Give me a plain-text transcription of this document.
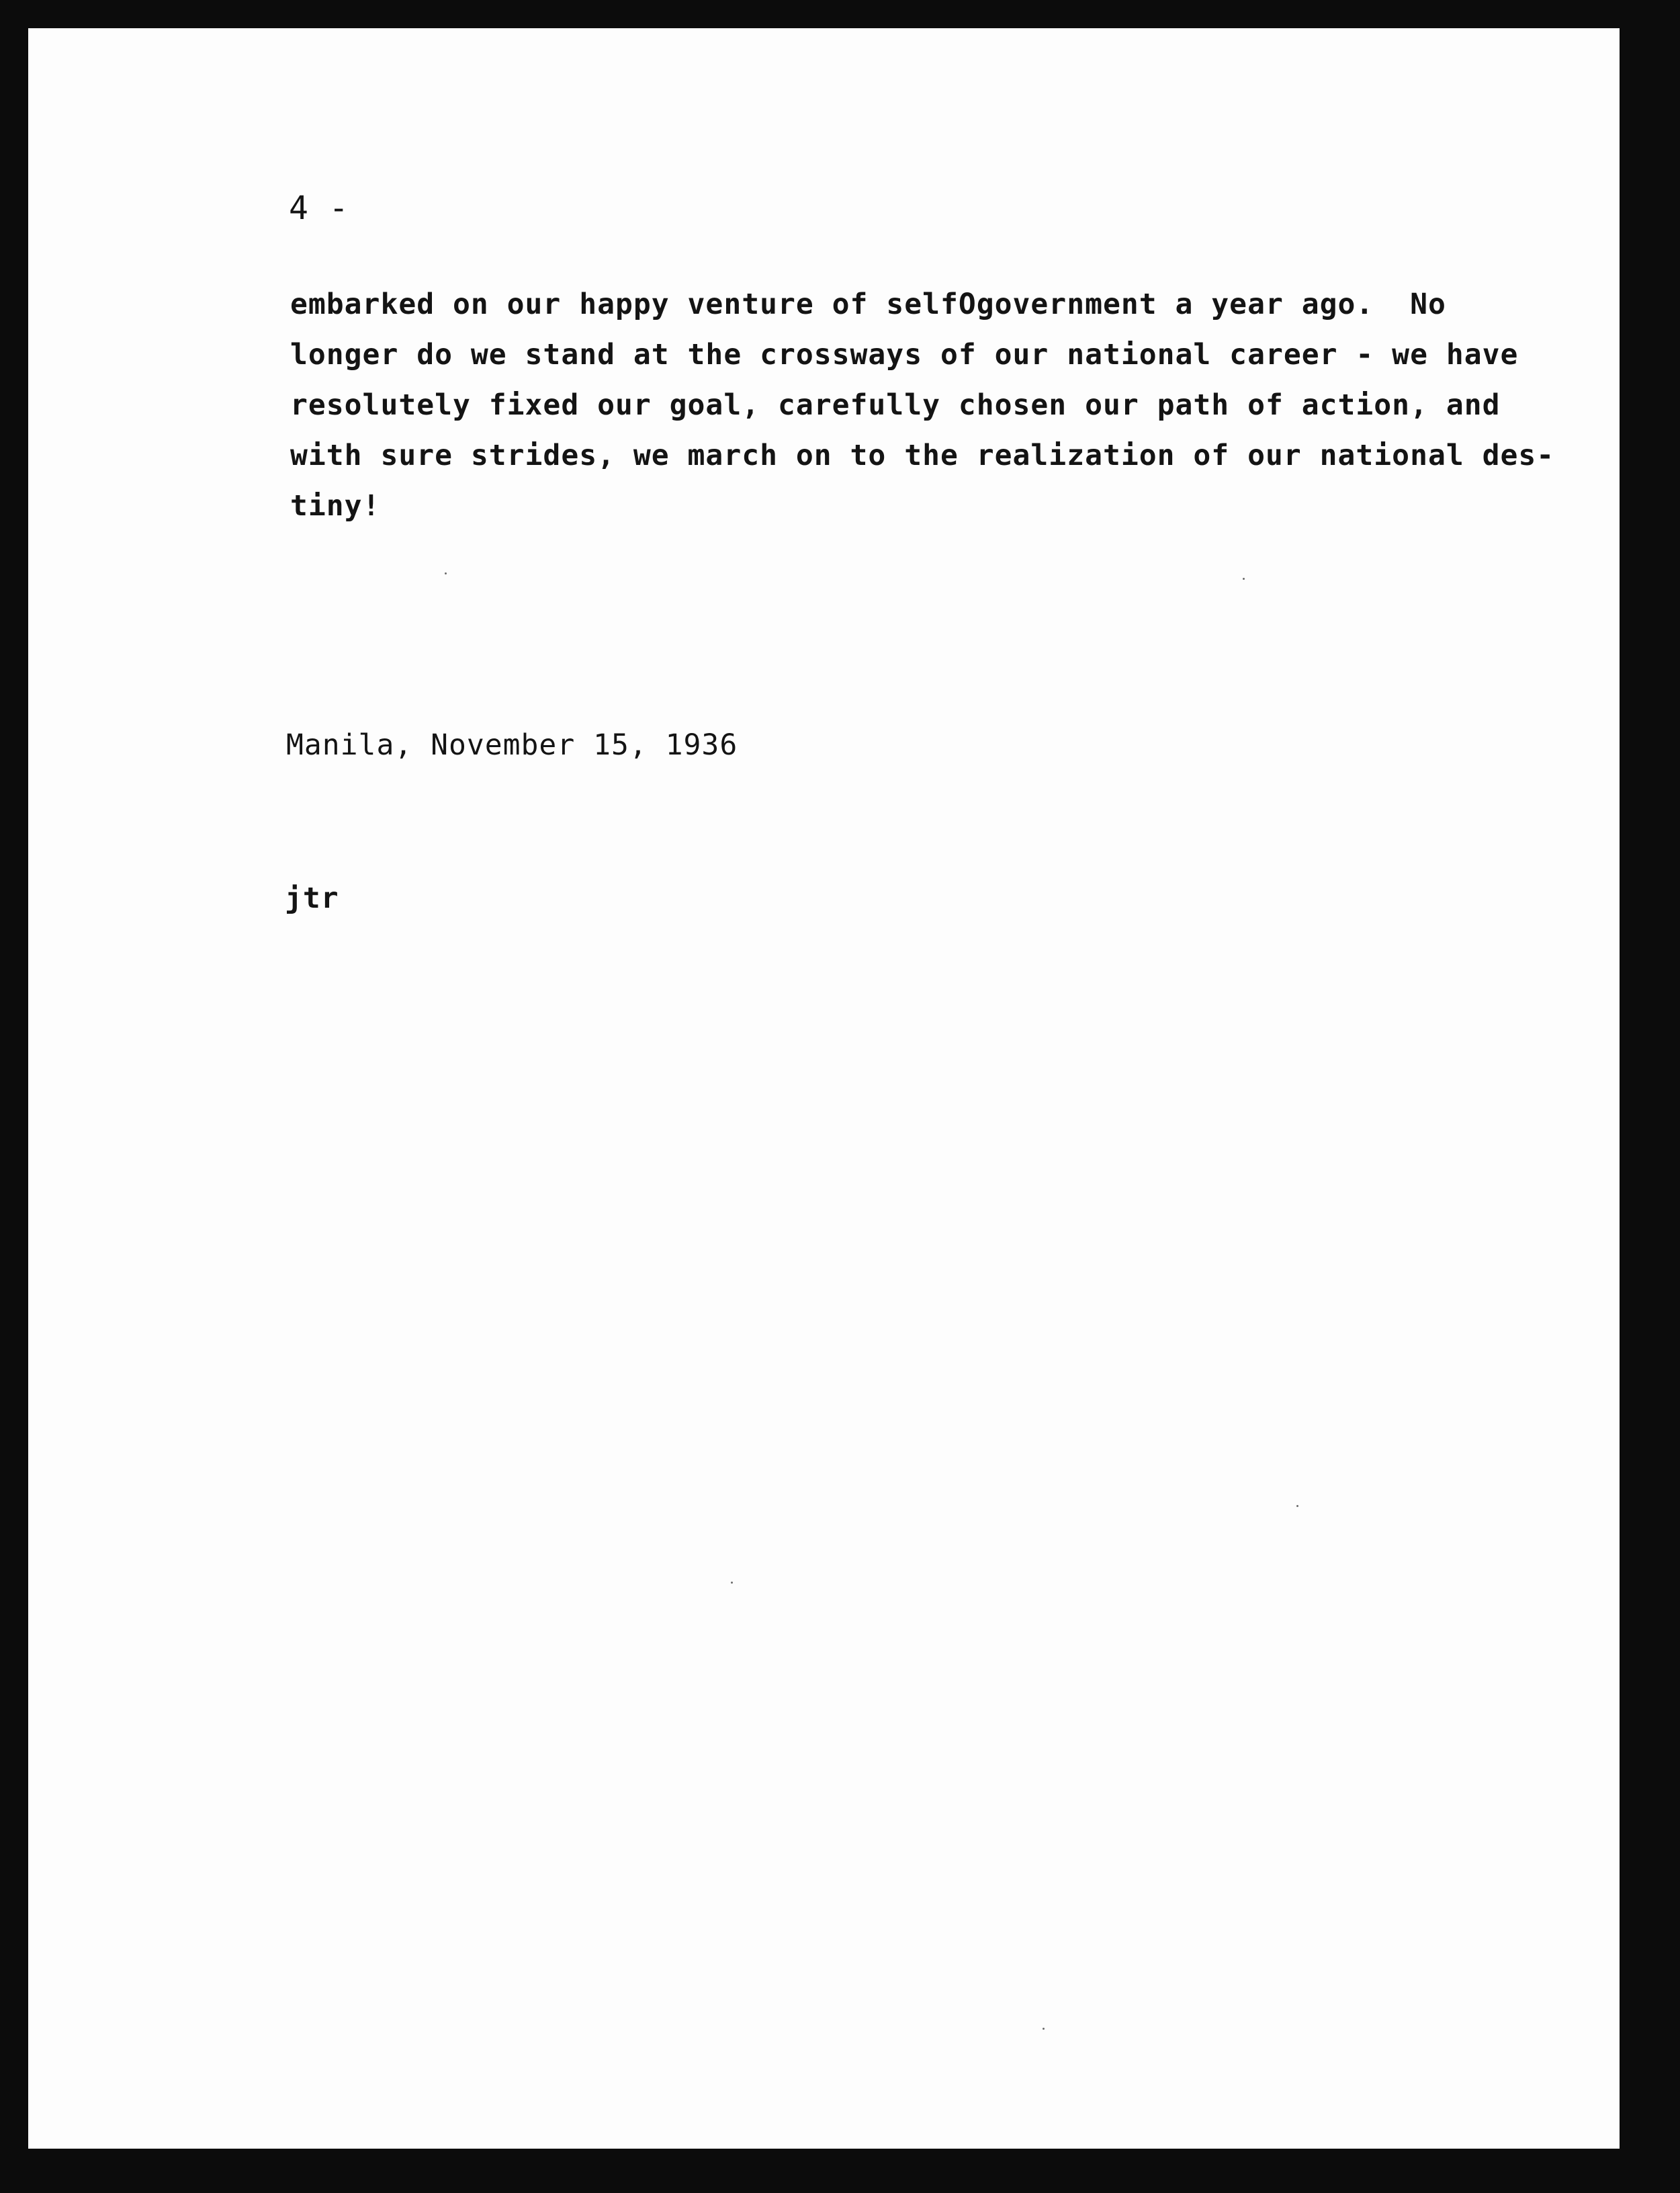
4 -

embarked on our happy venture of selfOgovernment a year ago.  No
longer do we stand at the crossways of our national career - we have
resolutely fixed our goal, carefully chosen our path of action, and
with sure strides, we march on to the realization of our national des-
tiny!

Manila, November 15, 1936

jtr
